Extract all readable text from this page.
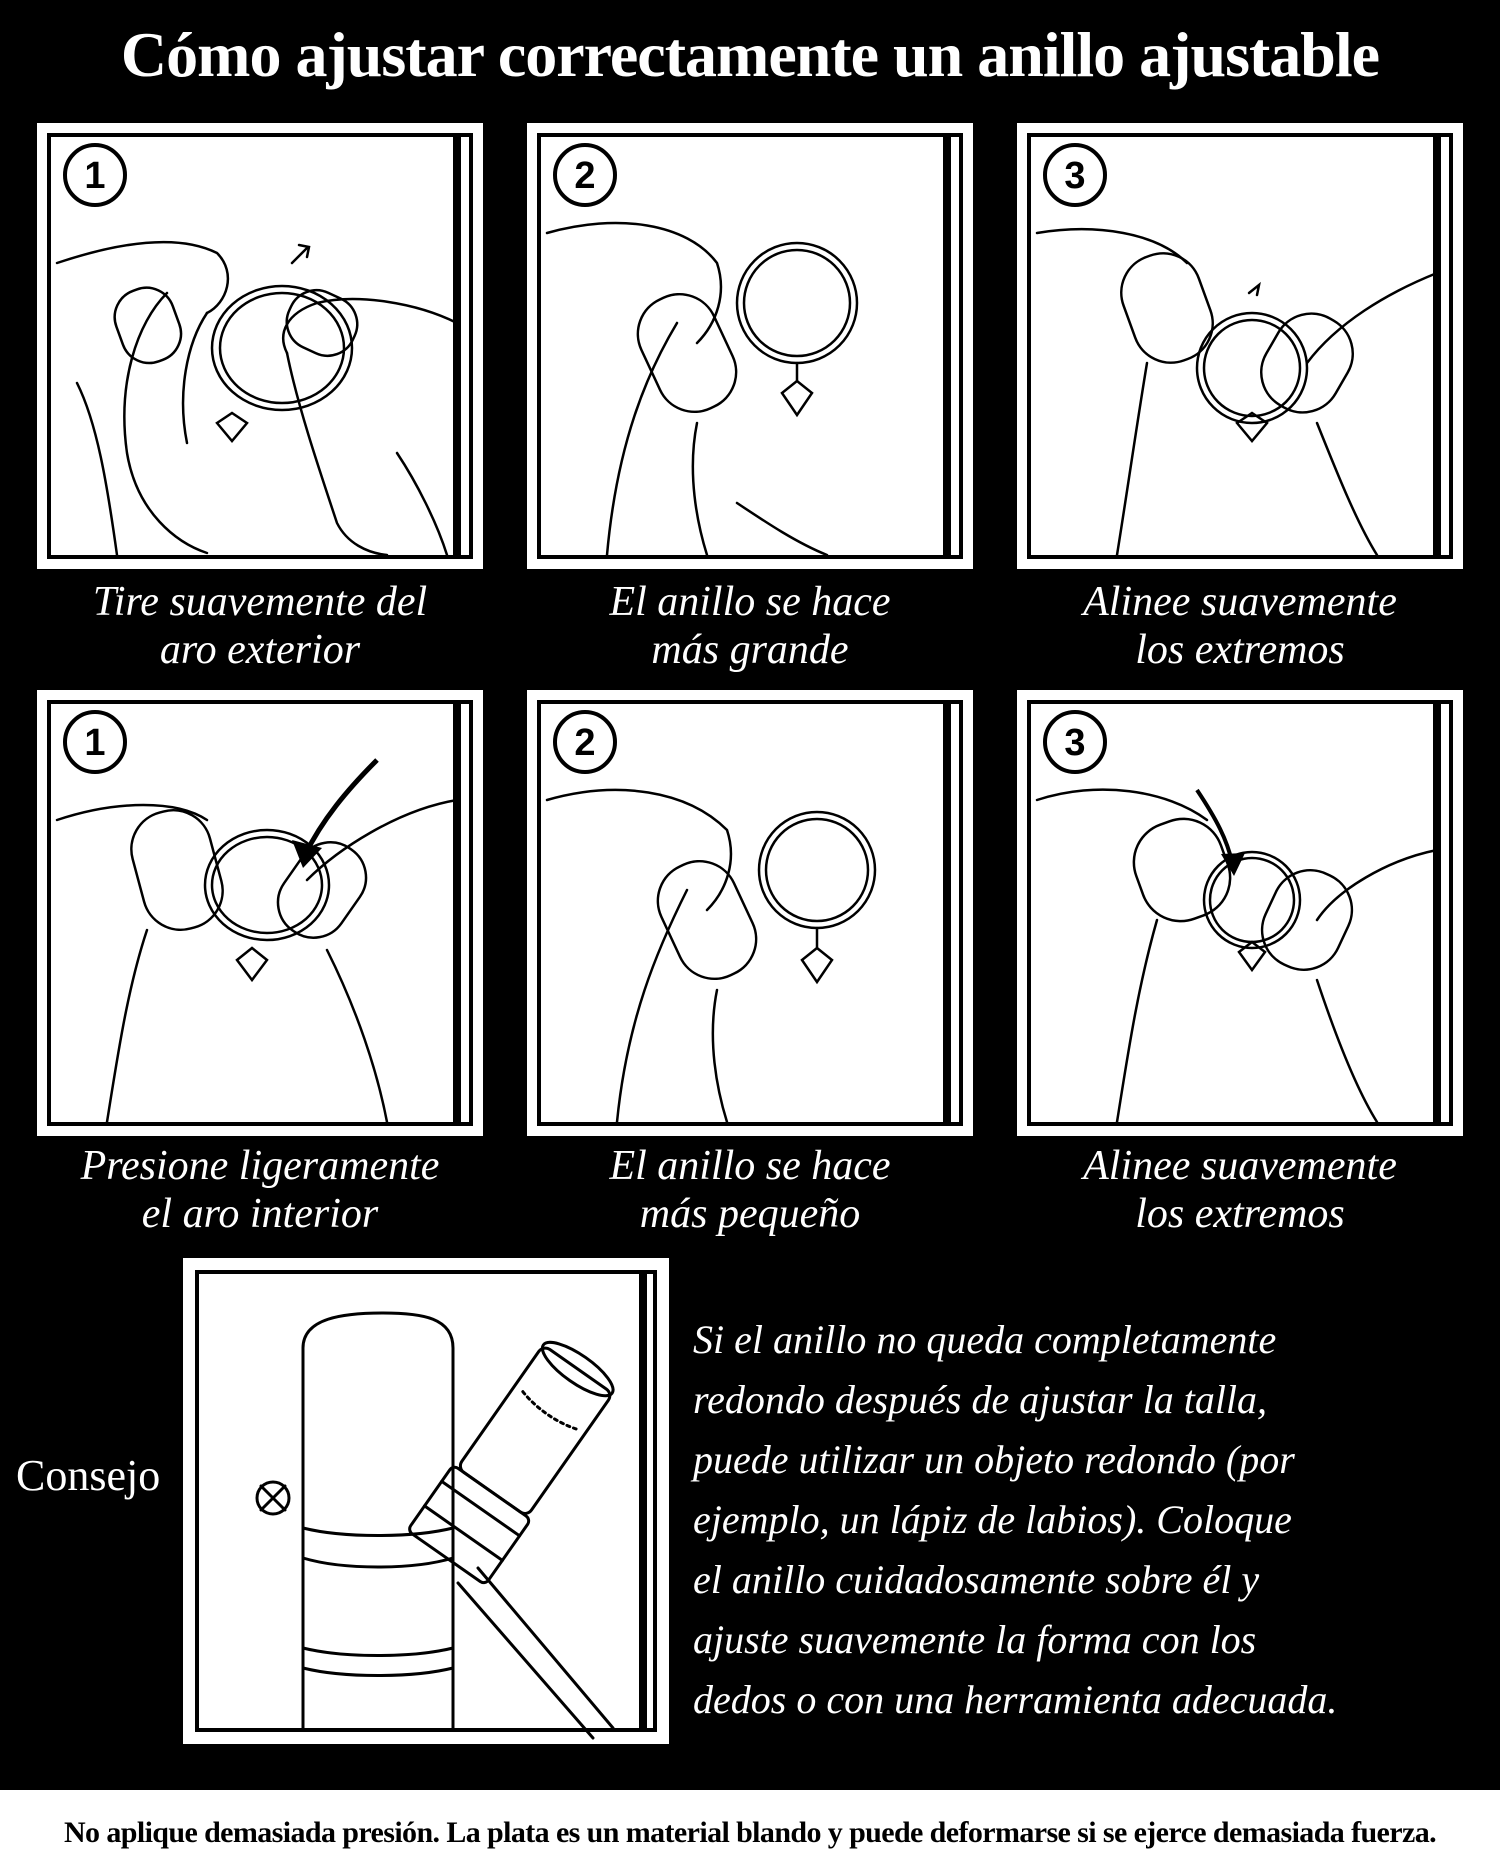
Cómo ajustar correctamente un anillo ajustable
1
Tire suavemente del
aro exterior
2
El anillo se hace
más grande
3
Alinee suavemente
los extremos
1
Presione ligeramente
el aro interior
2
El anillo se hace
más pequeño
3
Alinee suavemente
los extremos
Consejo
Si el anillo no queda completamente
redondo después de ajustar la talla,
puede utilizar un objeto redondo (por
ejemplo, un lápiz de labios). Coloque
el anillo cuidadosamente sobre él y
ajuste suavemente la forma con los
dedos o con una herramienta adecuada.
No aplique demasiada presión. La plata es un material blando y puede deformarse si se ejerce demasiada fuerza.
